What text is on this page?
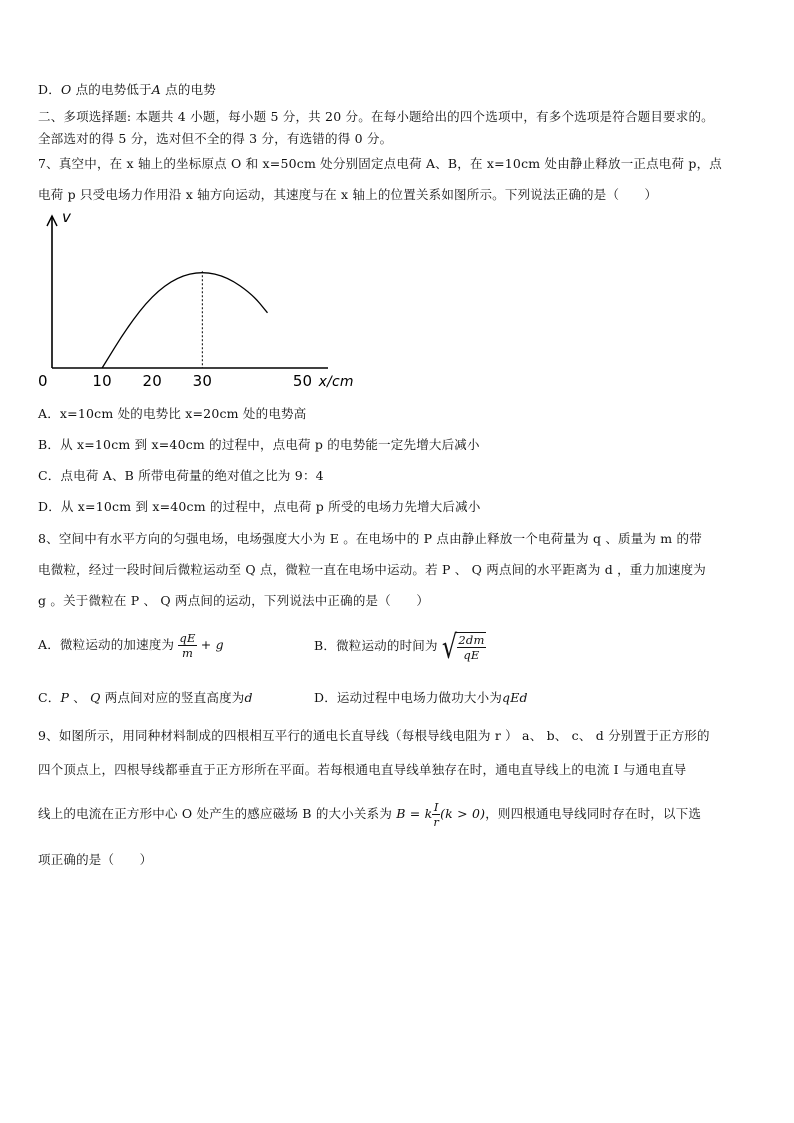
D．O 点的电势低于A 点的电势
二、多项选择题: 本题共 4 小题，每小题 5 分，共 20 分。在每小题给出的四个选项中，有多个选项是符合题目要求的。
全部选对的得 5 分，选对但不全的得 3 分，有选错的得 0 分。
7、真空中，在 x 轴上的坐标原点 O 和 x=50cm 处分别固定点电荷 A、B，在 x=10cm 处由静止释放一正点电荷 p，点
电荷 p 只受电场力作用沿 x 轴方向运动，其速度与在 x 轴上的位置关系如图所示。下列说法正确的是（　　）
v
0	10 20 30	50 x/cm
A．x=10cm 处的电势比 x=20cm 处的电势高
B．从 x=10cm 到 x=40cm 的过程中，点电荷 p 的电势能一定先增大后减小
C．点电荷 A、B 所带电荷量的绝对值之比为 9：4
D．从 x=10cm 到 x=40cm 的过程中，点电荷 p 所受的电场力先增大后减小
8、空间中有水平方向的匀强电场，电场强度大小为 E 。在电场中的 P 点由静止释放一个电荷量为 q 、质量为 m 的带
电微粒，经过一段时间后微粒运动至 Q 点，微粒一直在电场中运动。若 P 、 Q 两点间的水平距离为 d ，重力加速度为
g 。关于微粒在 P 、 Q 两点间的运动，下列说法中正确的是（　　）
A．微粒运动的加速度为 $\frac{qE}{m} + g$	B．微粒运动的时间为 √ $\frac{2dm}{qE}$
C．P 、 Q 两点间对应的竖直高度为d	D．运动过程中电场力做功大小为qEd
9、如图所示，用同种材料制成的四根相互平行的通电长直导线（每根导线电阻为 r ） a、 b、 c、 d 分别置于正方形的
四个顶点上，四根导线都垂直于正方形所在平面。若每根通电直导线单独存在时，通电直导线上的电流 I 与通电直导
线上的电流在正方形中心 O 处产生的感应磁场 B 的大小关系为 B = k $\frac{I}{r} (k > 0)$，则四根通电导线同时存在时，以下选
项正确的是（　　）
